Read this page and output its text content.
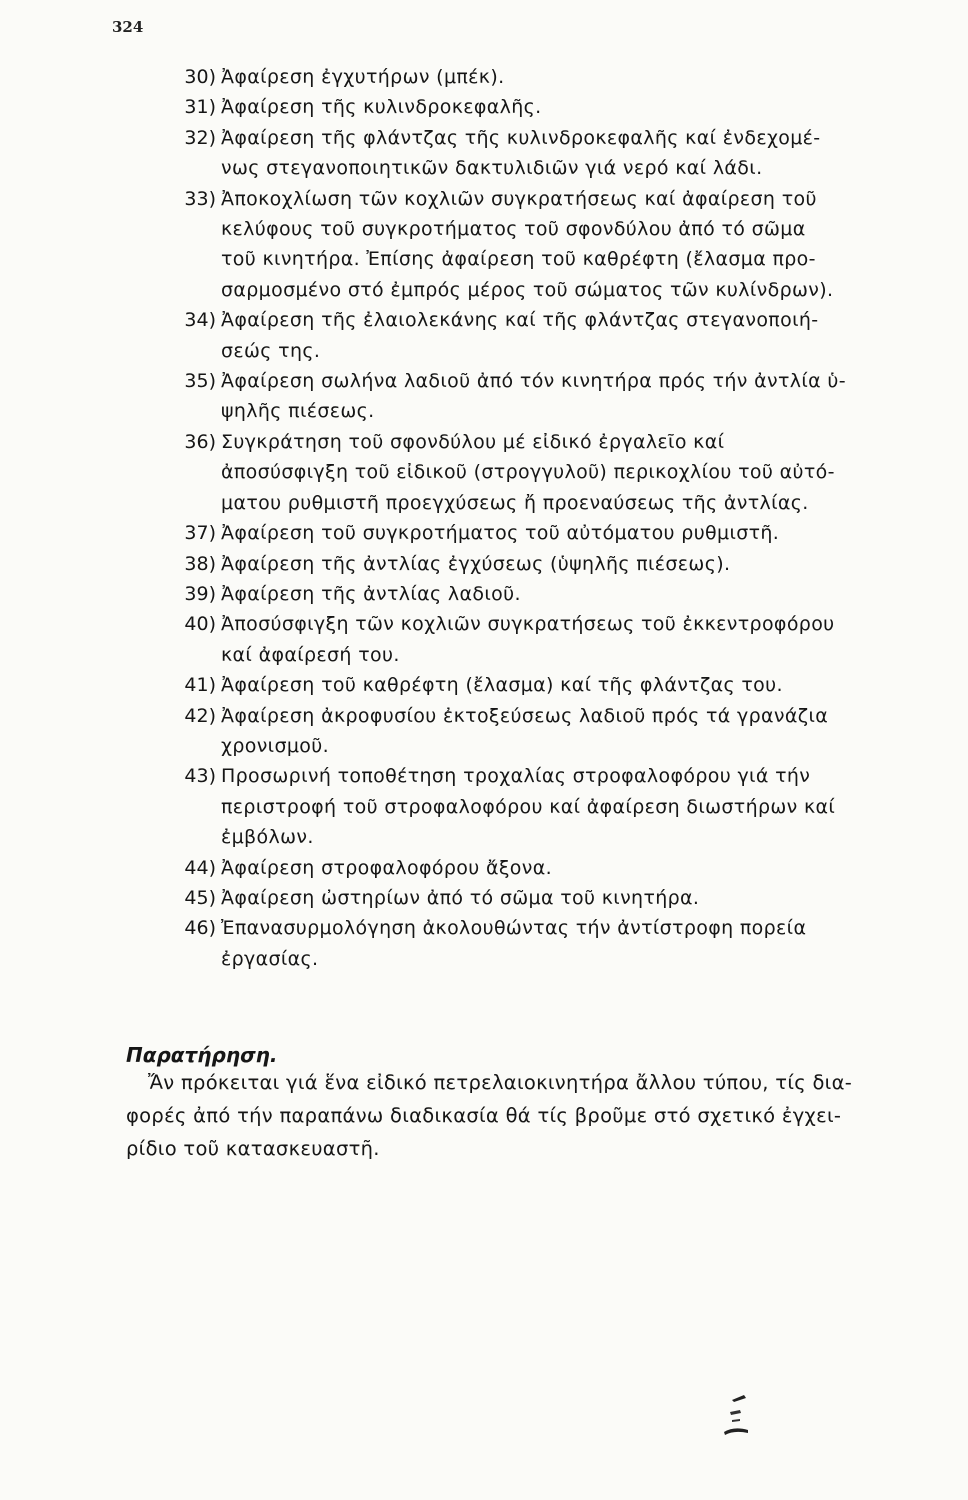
324
30) Ἀφαίρεση ἐγχυτήρων (μπέκ).
31) Ἀφαίρεση τῆς κυλινδροκεφαλῆς.
32) Ἀφαίρεση τῆς φλάντζας τῆς κυλινδροκεφαλῆς καί ἐνδεχομέ-
νως στεγανοποιητικῶν δακτυλιδιῶν γιά νερό καί λάδι.
33) Ἀποκοχλίωση τῶν κοχλιῶν συγκρατήσεως καί ἀφαίρεση τοῦ
κελύφους τοῦ συγκροτήματος τοῦ σφονδύλου ἀπό τό σῶμα
τοῦ κινητήρα. Ἐπίσης ἀφαίρεση τοῦ καθρέφτη (ἔλασμα προ-
σαρμοσμένο στό ἐμπρός μέρος τοῦ σώματος τῶν κυλίνδρων).
34) Ἀφαίρεση τῆς ἐλαιολεκάνης καί τῆς φλάντζας στεγανοποιή-
σεώς της.
35) Ἀφαίρεση σωλήνα λαδιοῦ ἀπό τόν κινητήρα πρός τήν ἀντλία ὑ-
ψηλῆς πιέσεως.
36) Συγκράτηση τοῦ σφονδύλου μέ εἰδικό ἐργαλεῖο καί
ἀποσύσφιγξη τοῦ εἰδικοῦ (στρογγυλοῦ) περικοχλίου τοῦ αὐτό-
ματου ρυθμιστῆ προεγχύσεως ἤ προεναύσεως τῆς ἀντλίας.
37) Ἀφαίρεση τοῦ συγκροτήματος τοῦ αὐτόματου ρυθμιστῆ.
38) Ἀφαίρεση τῆς ἀντλίας ἐγχύσεως (ὑψηλῆς πιέσεως).
39) Ἀφαίρεση τῆς ἀντλίας λαδιοῦ.
40) Ἀποσύσφιγξη τῶν κοχλιῶν συγκρατήσεως τοῦ ἐκκεντροφόρου
καί ἀφαίρεσή του.
41) Ἀφαίρεση τοῦ καθρέφτη (ἔλασμα) καί τῆς φλάντζας του.
42) Ἀφαίρεση ἀκροφυσίου ἐκτοξεύσεως λαδιοῦ πρός τά γρανάζια
χρονισμοῦ.
43) Προσωρινή τοποθέτηση τροχαλίας στροφαλοφόρου γιά τήν
περιστροφή τοῦ στροφαλοφόρου καί ἀφαίρεση διωστήρων καί
ἐμβόλων.
44) Ἀφαίρεση στροφαλοφόρου ἄξονα.
45) Ἀφαίρεση ὠστηρίων ἀπό τό σῶμα τοῦ κινητήρα.
46) Ἐπανασυρμολόγηση ἀκολουθώντας τήν ἀντίστροφη πορεία
ἐργασίας.
Παρατήρηση.
Ἄν πρόκειται γιά ἕνα εἰδικό πετρελαιοκινητήρα ἄλλου τύπου, τίς δια-
φορές ἀπό τήν παραπάνω διαδικασία θά τίς βροῦμε στό σχετικό ἐγχει-
ρίδιο τοῦ κατασκευαστῆ.
